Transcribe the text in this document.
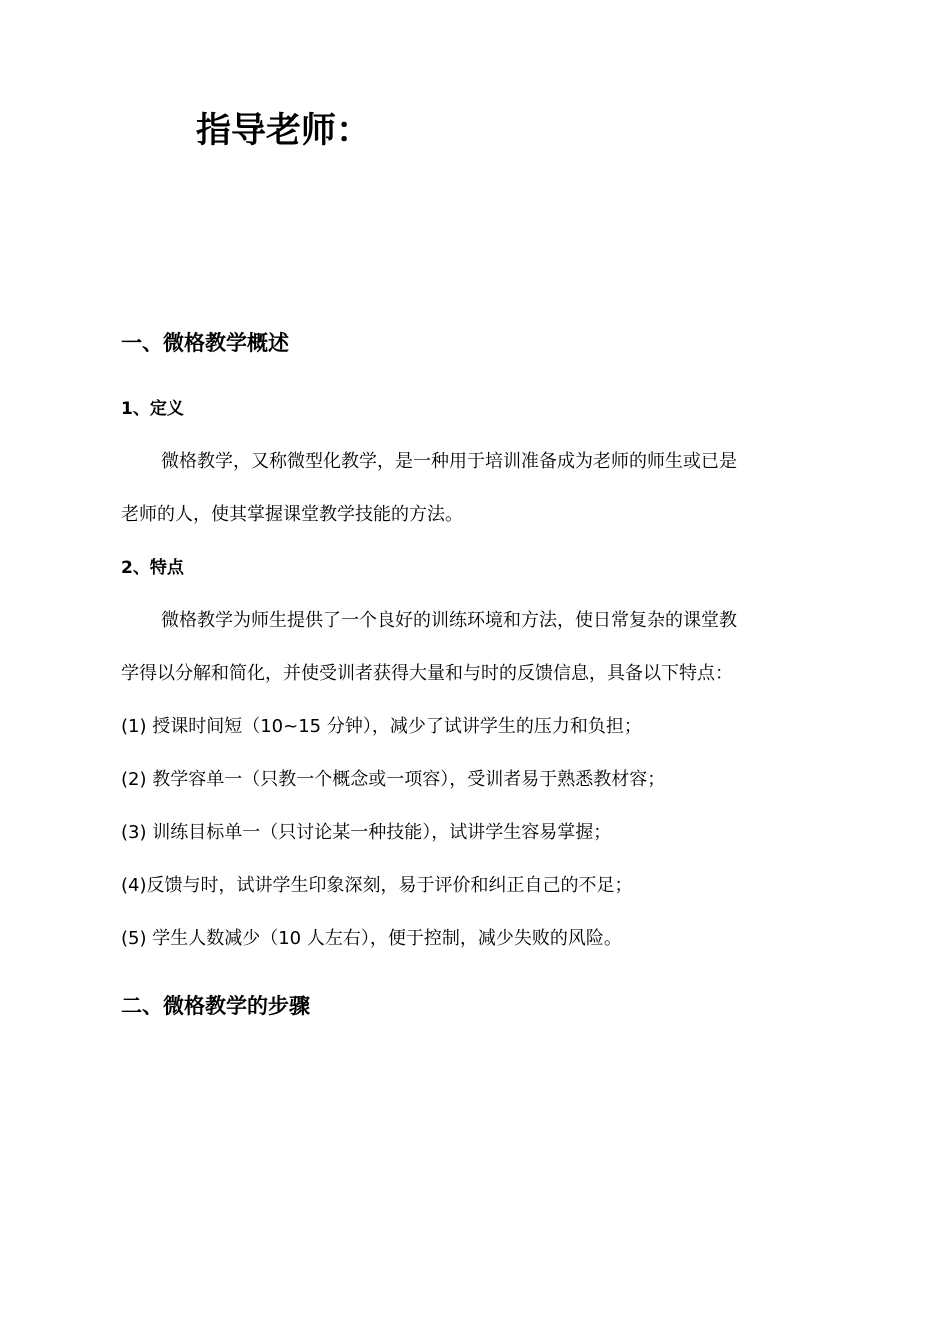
指导老师：
一、微格教学概述
1、定义
微格教学，又称微型化教学，是一种用于培训准备成为老师的师生或已是
老师的人，使其掌握课堂教学技能的方法。
2、特点
微格教学为师生提供了一个良好的训练环境和方法，使日常复杂的课堂教
学得以分解和简化，并使受训者获得大量和与时的反馈信息，具备以下特点：
(1) 授课时间短（10~15 分钟），减少了试讲学生的压力和负担；
(2) 教学容单一（只教一个概念或一项容），受训者易于熟悉教材容；
(3) 训练目标单一（只讨论某一种技能），试讲学生容易掌握；
(4)反馈与时，试讲学生印象深刻，易于评价和纠正自己的不足；
(5) 学生人数减少（10 人左右），便于控制，减少失败的风险。
二、微格教学的步骤
